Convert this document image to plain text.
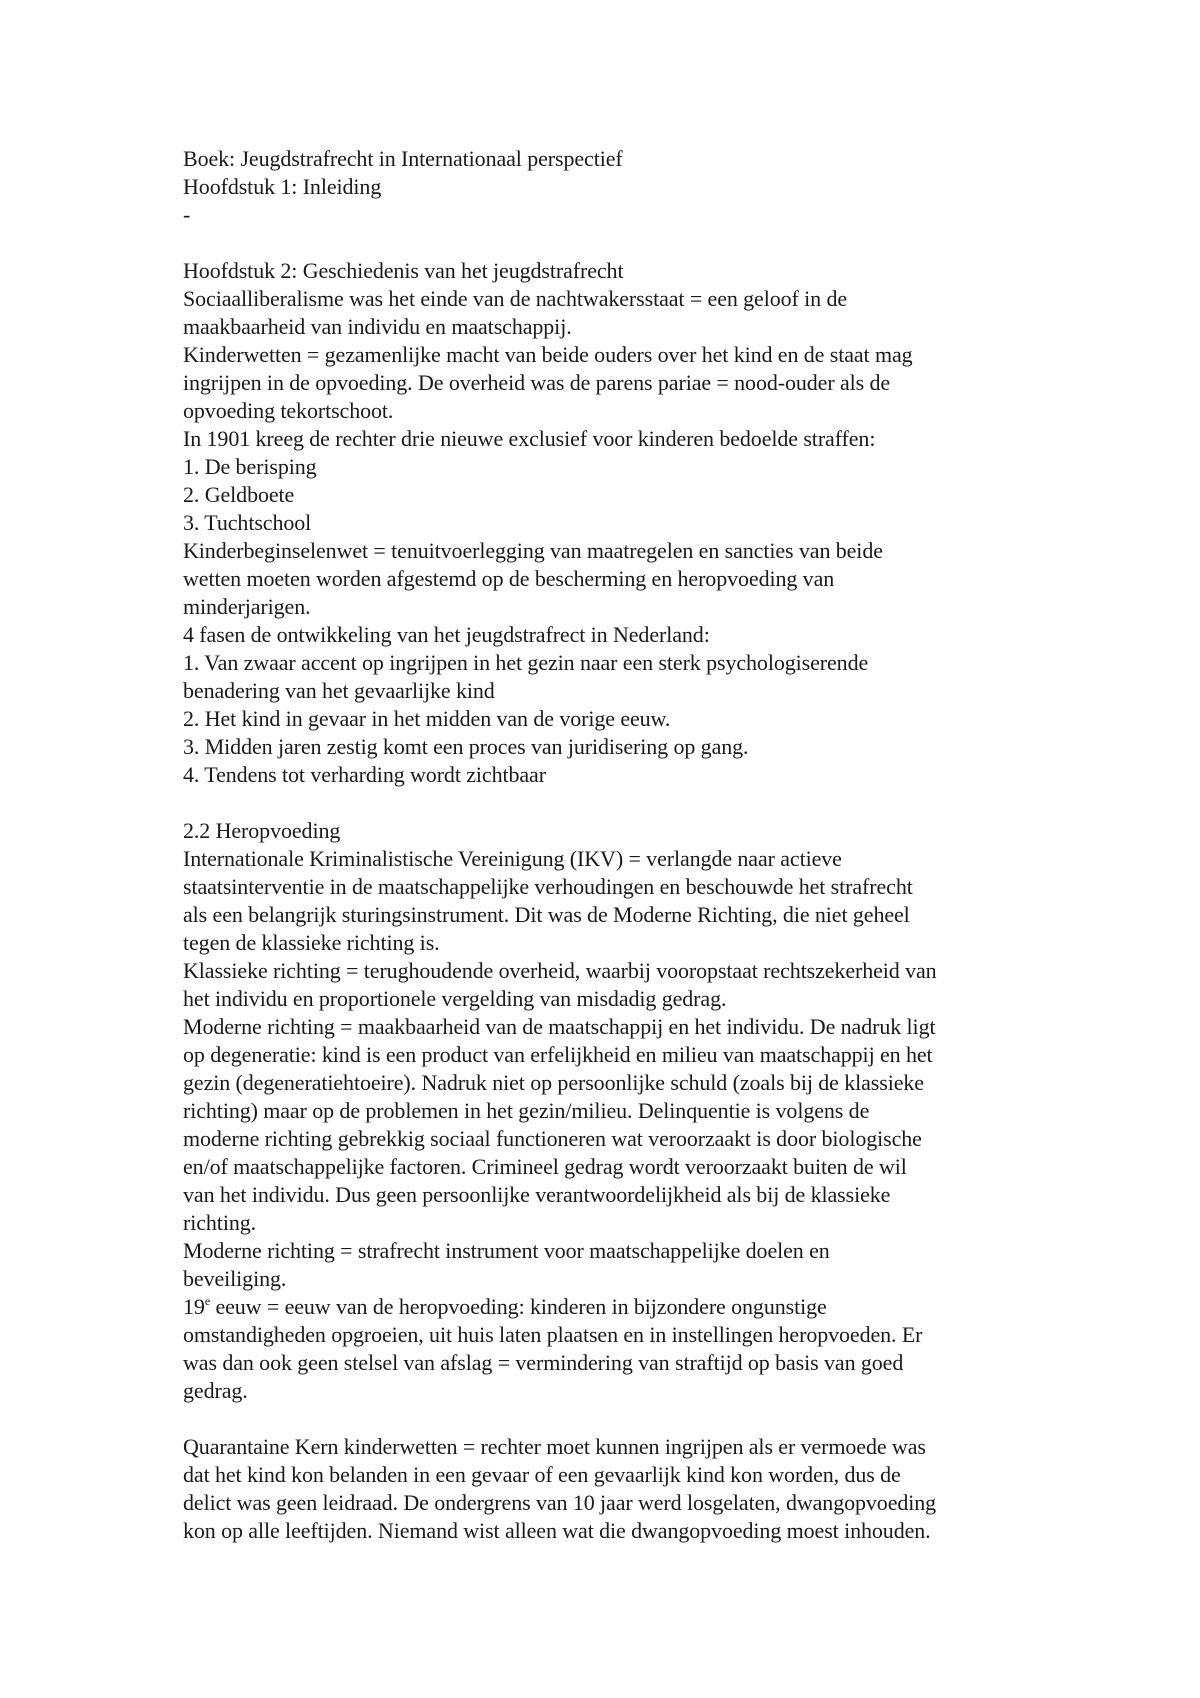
Boek: Jeugdstrafrecht in Internationaal perspectief
Hoofdstuk 1: Inleiding
-
Hoofdstuk 2: Geschiedenis van het jeugdstrafrecht
Sociaalliberalisme was het einde van de nachtwakersstaat = een geloof in de
maakbaarheid van individu en maatschappij.
Kinderwetten = gezamenlijke macht van beide ouders over het kind en de staat mag
ingrijpen in de opvoeding. De overheid was de parens pariae = nood-ouder als de
opvoeding tekortschoot.
In 1901 kreeg de rechter drie nieuwe exclusief voor kinderen bedoelde straffen:
1. De berisping
2. Geldboete
3. Tuchtschool
Kinderbeginselenwet = tenuitvoerlegging van maatregelen en sancties van beide
wetten moeten worden afgestemd op de bescherming en heropvoeding van
minderjarigen.
4 fasen de ontwikkeling van het jeugdstrafrect in Nederland:
1. Van zwaar accent op ingrijpen in het gezin naar een sterk psychologiserende
benadering van het gevaarlijke kind
2. Het kind in gevaar in het midden van de vorige eeuw.
3. Midden jaren zestig komt een proces van juridisering op gang.
4. Tendens tot verharding wordt zichtbaar
2.2 Heropvoeding
Internationale Kriminalistische Vereinigung (IKV) = verlangde naar actieve
staatsinterventie in de maatschappelijke verhoudingen en beschouwde het strafrecht
als een belangrijk sturingsinstrument. Dit was de Moderne Richting, die niet geheel
tegen de klassieke richting is.
Klassieke richting = terughoudende overheid, waarbij vooropstaat rechtszekerheid van
het individu en proportionele vergelding van misdadig gedrag.
Moderne richting = maakbaarheid van de maatschappij en het individu. De nadruk ligt
op degeneratie: kind is een product van erfelijkheid en milieu van maatschappij en het
gezin (degeneratiehtoeire). Nadruk niet op persoonlijke schuld (zoals bij de klassieke
richting) maar op de problemen in het gezin/milieu. Delinquentie is volgens de
moderne richting gebrekkig sociaal functioneren wat veroorzaakt is door biologische
en/of maatschappelijke factoren. Crimineel gedrag wordt veroorzaakt buiten de wil
van het individu. Dus geen persoonlijke verantwoordelijkheid als bij de klassieke
richting.
Moderne richting = strafrecht instrument voor maatschappelijke doelen en
beveiliging.
19e eeuw = eeuw van de heropvoeding: kinderen in bijzondere ongunstige
omstandigheden opgroeien, uit huis laten plaatsen en in instellingen heropvoeden. Er
was dan ook geen stelsel van afslag = vermindering van straftijd op basis van goed
gedrag.
Quarantaine Kern kinderwetten = rechter moet kunnen ingrijpen als er vermoede was
dat het kind kon belanden in een gevaar of een gevaarlijk kind kon worden, dus de
delict was geen leidraad. De ondergrens van 10 jaar werd losgelaten, dwangopvoeding
kon op alle leeftijden. Niemand wist alleen wat die dwangopvoeding moest inhouden.
